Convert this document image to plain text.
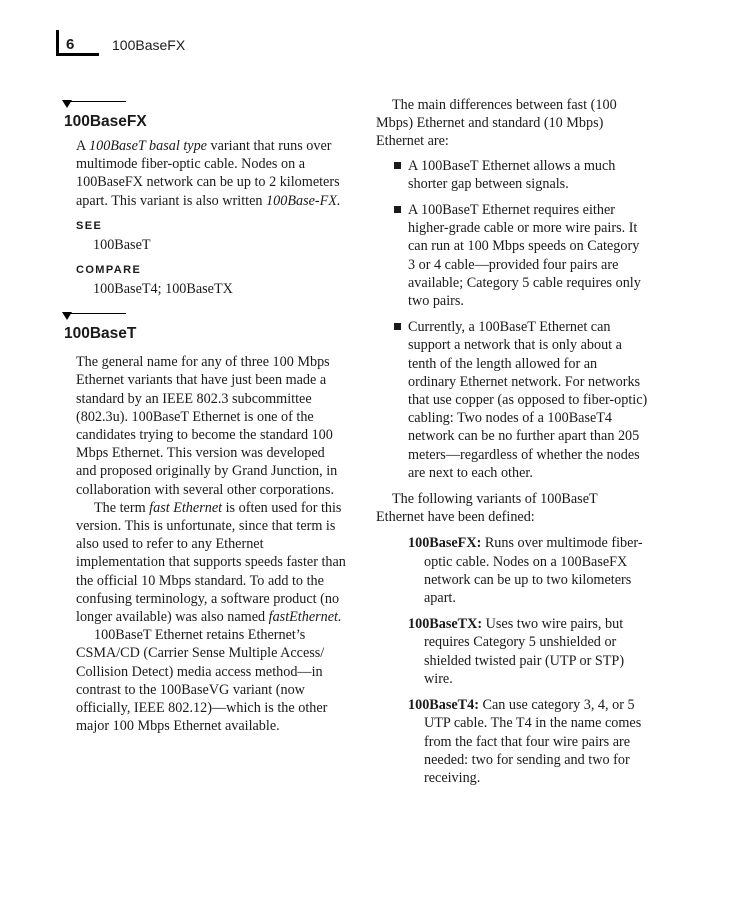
6	100BaseFX
100BaseFX
A 100BaseT basal type variant that runs over multimode fiber-optic cable. Nodes on a 100BaseFX network can be up to 2 kilometers apart. This variant is also written 100Base-FX.
SEE
100BaseT
COMPARE
100BaseT4; 100BaseTX
100BaseT
The general name for any of three 100 Mbps Ethernet variants that have just been made a standard by an IEEE 802.3 subcommittee (802.3u). 100BaseT Ethernet is one of the candidates trying to become the standard 100 Mbps Ethernet. This version was developed and proposed originally by Grand Junction, in collaboration with several other corporations.
The term fast Ethernet is often used for this version. This is unfortunate, since that term is also used to refer to any Ethernet implementation that supports speeds faster than the official 10 Mbps standard. To add to the confusing terminology, a software product (no longer available) was also named fastEthernet.
100BaseT Ethernet retains Ethernet’s CSMA/CD (Carrier Sense Multiple Access/ Collision Detect) media access method—in contrast to the 100BaseVG variant (now officially, IEEE 802.12)—which is the other major 100 Mbps Ethernet available.

The main differences between fast (100 Mbps) Ethernet and standard (10 Mbps) Ethernet are:

A 100BaseT Ethernet allows a much shorter gap between signals.
A 100BaseT Ethernet requires either higher-grade cable or more wire pairs. It can run at 100 Mbps speeds on Category 3 or 4 cable—provided four pairs are available; Category 5 cable requires only two pairs.
Currently, a 100BaseT Ethernet can support a network that is only about a tenth of the length allowed for an ordinary Ethernet network. For networks that use copper (as opposed to fiber-optic) cabling: Two nodes of a 100BaseT4 network can be no further apart than 205 meters—regardless of whether the nodes are next to each other.

The following variants of 100BaseT Ethernet have been defined:

100BaseFX: Runs over multimode fiber-optic cable. Nodes on a 100BaseFX network can be up to two kilometers apart.
100BaseTX: Uses two wire pairs, but requires Category 5 unshielded or shielded twisted pair (UTP or STP) wire.
100BaseT4: Can use category 3, 4, or 5 UTP cable. The T4 in the name comes from the fact that four wire pairs are needed: two for sending and two for receiving.
